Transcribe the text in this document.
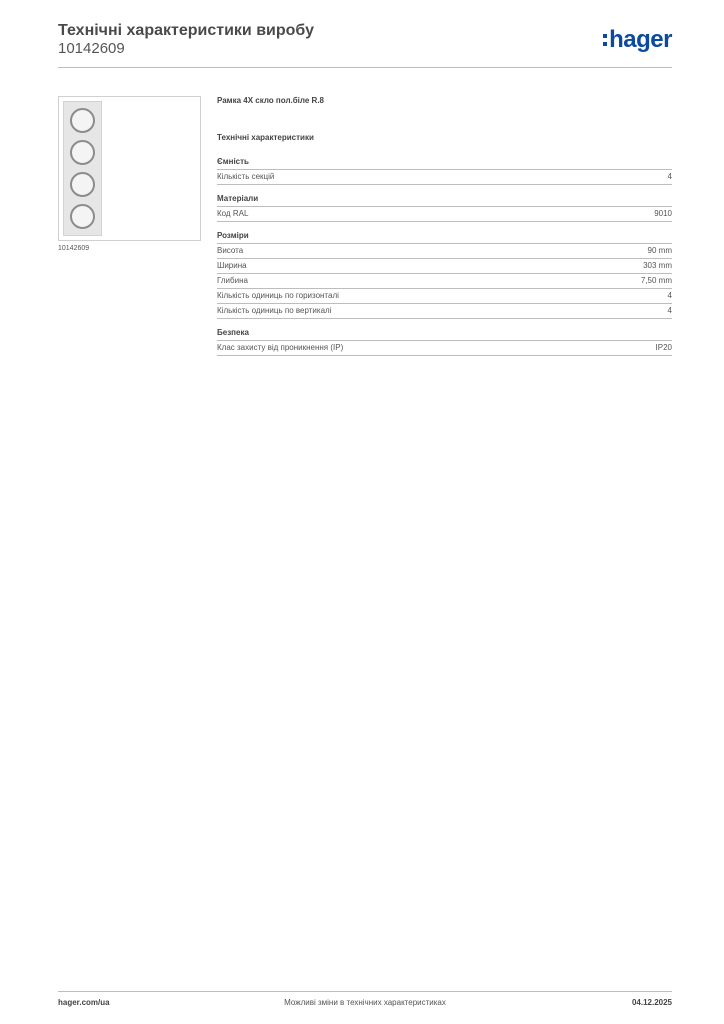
Технічні характеристики виробу
10142609	hager
10142609
Рамка 4X скло пол.біле R.8
Технічні характеристики
Ємність
Кількість секцій	4
Матеріали
Код RAL	9010
Розміри
Висота	90 mm
Ширина	303 mm
Глибина	7,50 mm
Кількість одиниць по горизонталі	4
Кількість одиниць по вертикалі	4
Безпека
Клас захисту від проникнення (IP)	IP20
hager.com/ua	Можливі зміни в технічних характеристиках	04.12.2025
